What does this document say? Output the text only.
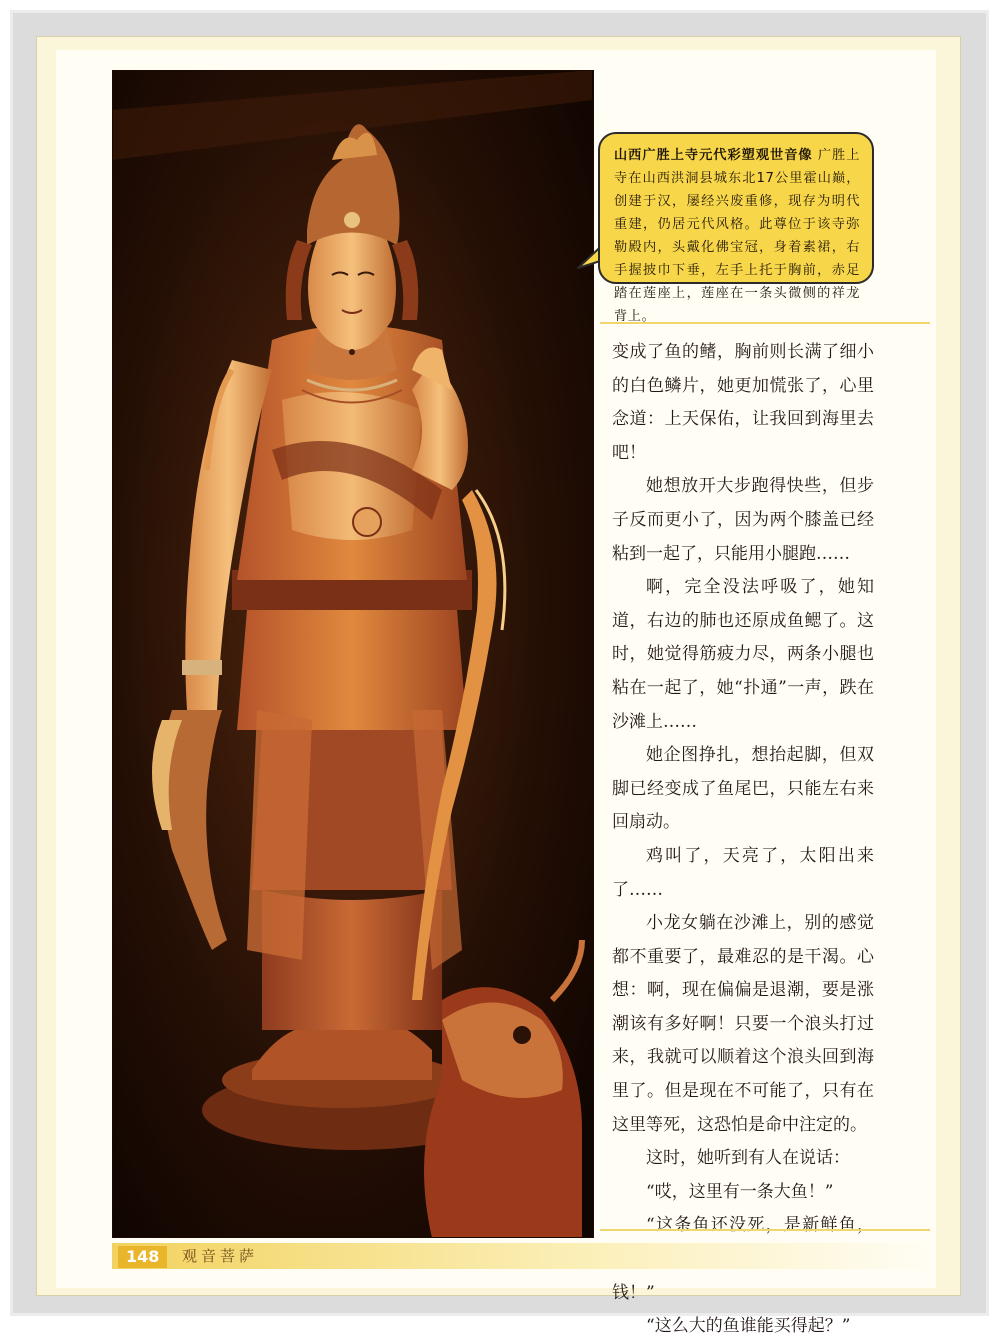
山西广胜上寺元代彩塑观世音像 广胜上寺在山西洪洞县城东北17公里霍山巅，创建于汉，屡经兴废重修，现存为明代重建，仍居元代风格。此尊位于该寺弥勒殿内，头戴化佛宝冠，身着素裙，右手握披巾下垂，左手上托于胸前，赤足踏在莲座上，莲座在一条头微侧的祥龙背上。

变成了鱼的鳍，胸前则长满了细小的白色鳞片，她更加慌张了，心里念道：上天保佑，让我回到海里去吧！

她想放开大步跑得快些，但步子反而更小了，因为两个膝盖已经粘到一起了，只能用小腿跑……

啊，完全没法呼吸了，她知道，右边的肺也还原成鱼鳃了。这时，她觉得筋疲力尽，两条小腿也粘在一起了，她“扑通”一声，跌在沙滩上……

她企图挣扎，想抬起脚，但双脚已经变成了鱼尾巴，只能左右来回扇动。

鸡叫了，天亮了，太阳出来了……

小龙女躺在沙滩上，别的感觉都不重要了，最难忍的是干渴。心想：啊，现在偏偏是退潮，要是涨潮该有多好啊！只要一个浪头打过来，我就可以顺着这个浪头回到海里了。但是现在不可能了，只有在这里等死，这恐怕是命中注定的。

这时，她听到有人在说话：

“哎，这里有一条大鱼！”

“这条鱼还没死，是新鲜鱼， 钱！”

“这么大的鱼谁能买得起？”

148	观音菩萨
